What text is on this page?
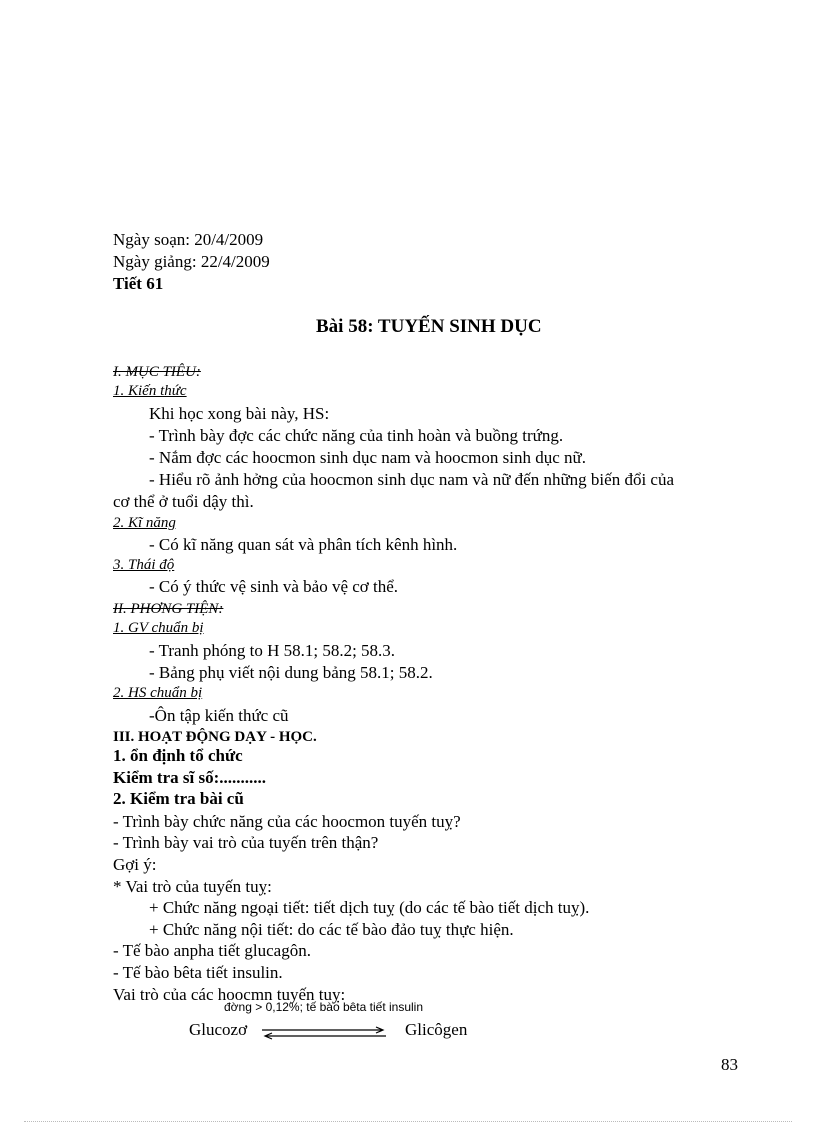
Ngày soạn: 20/4/2009
Ngày giảng: 22/4/2009
Tiết 61
Bài 58: TUYẾN SINH DỤC
I. MỤC TIÊU:
1. Kiến thức
Khi học xong bài này, HS:
- Trình bày đợc các chức năng của tinh hoàn và buồng trứng.
- Nắm đợc các hoocmon sinh dục nam và hoocmon sinh dục nữ.
- Hiểu rõ ảnh hởng của hoocmon sinh dục nam và nữ đến những biến đổi của
cơ thể ở tuổi dậy thì.
2. Kĩ năng
- Có kĩ năng quan sát và phân tích kênh hình.
3. Thái độ
- Có ý thức vệ sinh và bảo vệ cơ thể.
II. PHƠNG TIỆN:
1. GV chuẩn bị
- Tranh phóng to H 58.1; 58.2; 58.3.
- Bảng phụ viết nội dung bảng 58.1; 58.2.
2. HS chuẩn bị
-Ôn tập kiến thức cũ
III. HOẠT ĐỘNG DẠY - HỌC.
1. ổn định tổ chức
Kiểm tra sĩ số:...........
2. Kiểm tra bài cũ
- Trình bày chức năng của các hoocmon tuyến tuỵ?
- Trình bày vai trò của tuyến trên thận?
Gợi ý:
* Vai trò của tuyến tuỵ:
+ Chức năng ngoại tiết: tiết dịch tuỵ (do các tế bào tiết dịch tuỵ).
+ Chức năng nội tiết: do các tế bào đảo tuỵ thực hiện.
- Tế bào anpha tiết glucagôn.
- Tế bào bêta tiết insulin.
Vai trò của các hoocmn tuyến tuỵ:
đờng > 0,12%; tế bào bêta tiết insulin
Glucozơ	Glicôgen
83
